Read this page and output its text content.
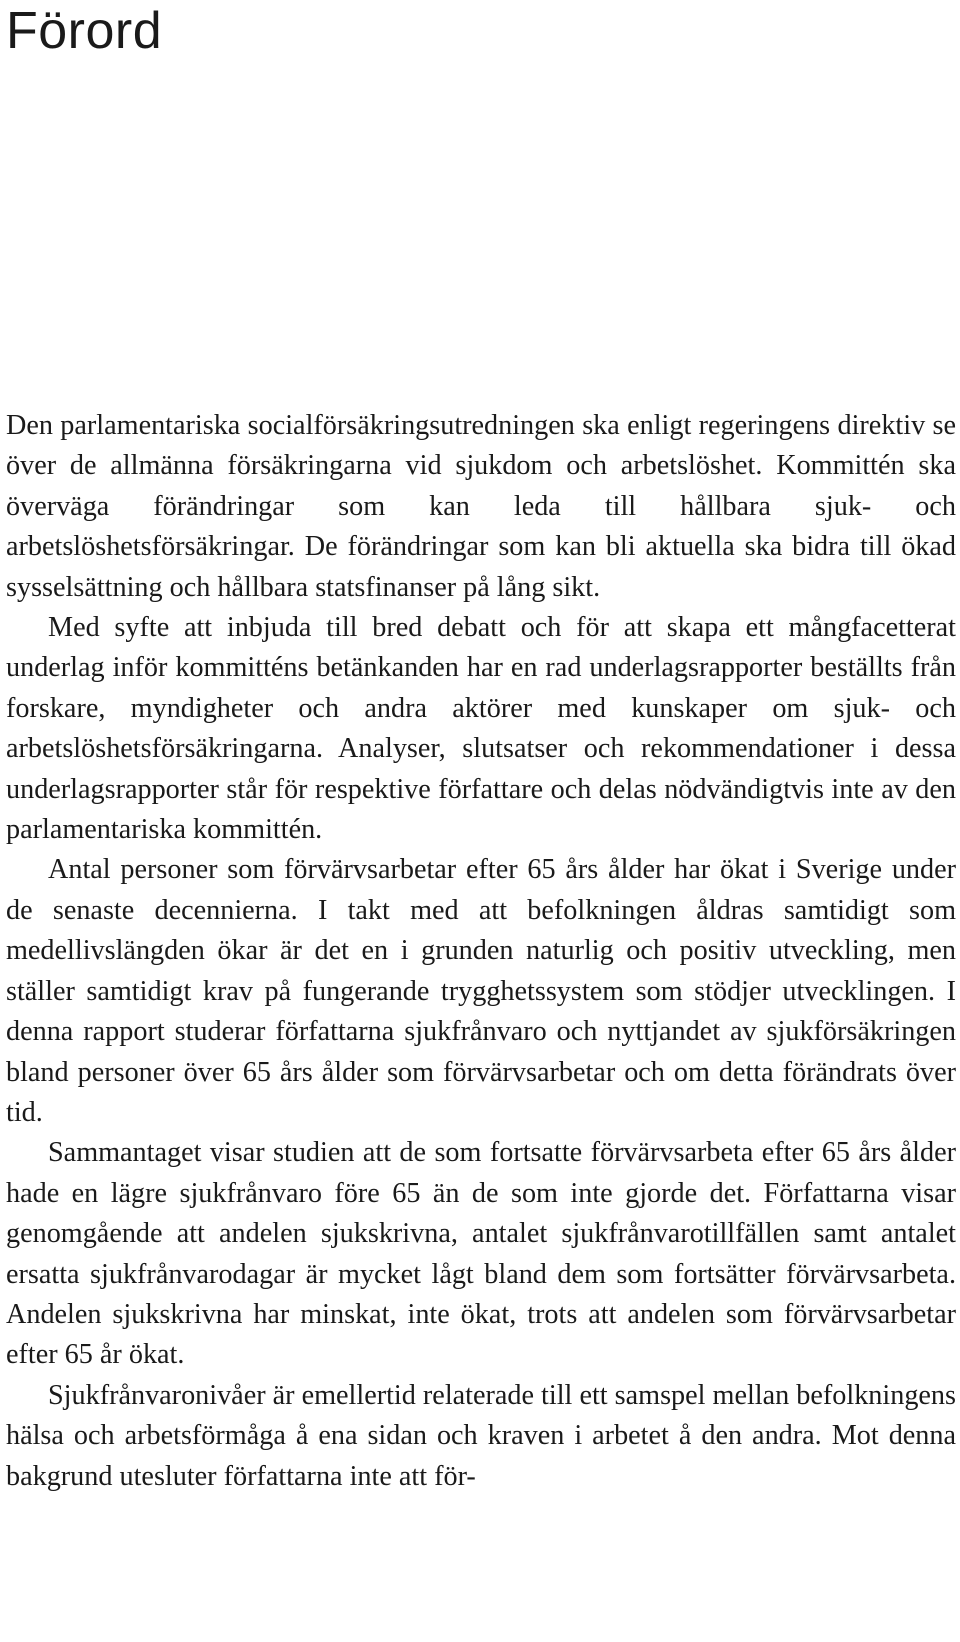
Förord

Den parlamentariska socialförsäkringsutredningen ska enligt regeringens direktiv se över de allmänna försäkringarna vid sjukdom och arbetslöshet. Kommittén ska överväga förändringar som kan leda till hållbara sjuk- och arbetslöshetsförsäkringar. De förändringar som kan bli aktuella ska bidra till ökad sysselsättning och hållbara statsfinanser på lång sikt.

Med syfte att inbjuda till bred debatt och för att skapa ett mångfacetterat underlag inför kommitténs betänkanden har en rad underlagsrapporter beställts från forskare, myndigheter och andra aktörer med kunskaper om sjuk- och arbetslöshetsförsäkringarna. Analyser, slutsatser och rekommendationer i dessa underlagsrapporter står för respektive författare och delas nödvändigtvis inte av den parlamentariska kommittén.

Antal personer som förvärvsarbetar efter 65 års ålder har ökat i Sverige under de senaste decennierna. I takt med att befolkningen åldras samtidigt som medellivslängden ökar är det en i grunden naturlig och positiv utveckling, men ställer samtidigt krav på fungerande trygghetssystem som stödjer utvecklingen. I denna rapport studerar författarna sjukfrånvaro och nyttjandet av sjukförsäkringen bland personer över 65 års ålder som förvärvsarbetar och om detta förändrats över tid.

Sammantaget visar studien att de som fortsatte förvärvsarbeta efter 65 års ålder hade en lägre sjukfrånvaro före 65 än de som inte gjorde det. Författarna visar genomgående att andelen sjukskrivna, antalet sjukfrånvarotillfällen samt antalet ersatta sjukfrånvarodagar är mycket lågt bland dem som fortsätter förvärvsarbeta. Andelen sjukskrivna har minskat, inte ökat, trots att andelen som förvärvsarbetar efter 65 år ökat.

Sjukfrånvaronivåer är emellertid relaterade till ett samspel mellan befolkningens hälsa och arbetsförmåga å ena sidan och kraven i arbetet å den andra. Mot denna bakgrund utesluter författarna inte att för-
